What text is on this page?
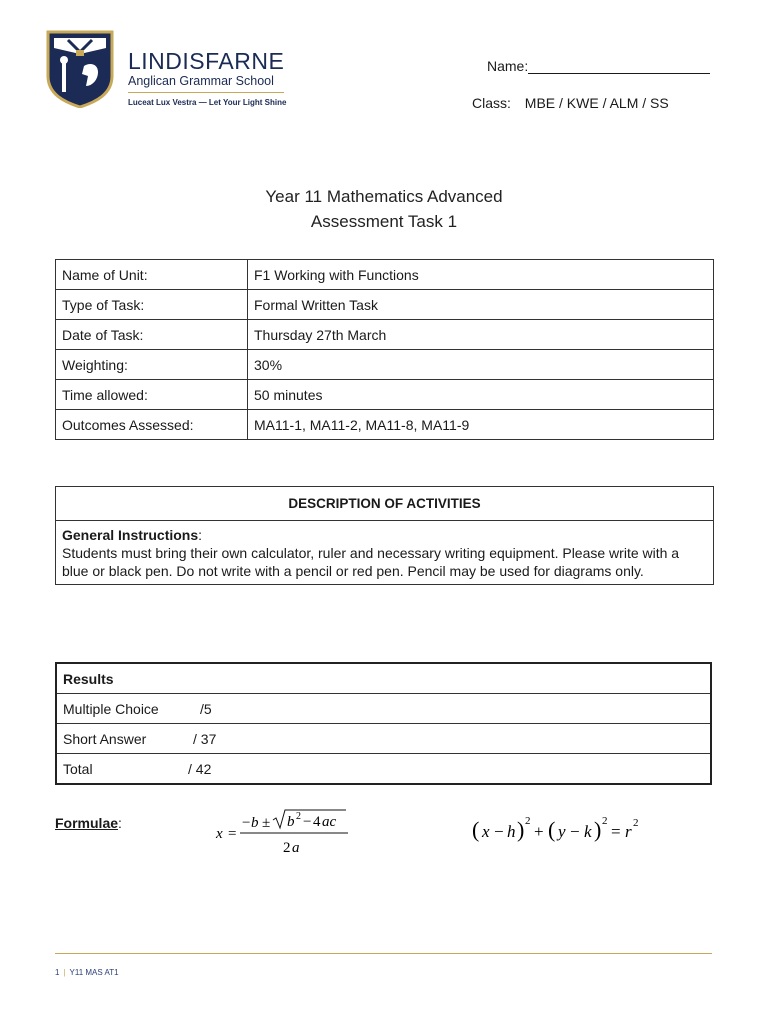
LINDISFARNE
Anglican Grammar School
Luceat Lux Vestra — Let Your Light Shine
Name:
Class: MBE / KWE / ALM / SS
Year 11 Mathematics Advanced
Assessment Task 1
Name of Unit:	F1 Working with Functions
Type of Task:	Formal Written Task
Date of Task:	Thursday 27th March
Weighting:	30%
Time allowed:	50 minutes
Outcomes Assessed:	MA11-1, MA11-2, MA11-8, MA11-9
DESCRIPTION OF ACTIVITIES
General Instructions:
Students must bring their own calculator, ruler and necessary writing equipment. Please write with a blue or black pen. Do not write with a pencil or red pen. Pencil may be used for diagrams only.
Results
Multiple Choice	/5
Short Answer	/ 37
Total	/ 42
Formulae:
x =
− b ± b 2 − 4 ac
2 a
( x − h ) 2
+ ( y − k ) 2
= r 2
1 | Y11 MAS AT1
